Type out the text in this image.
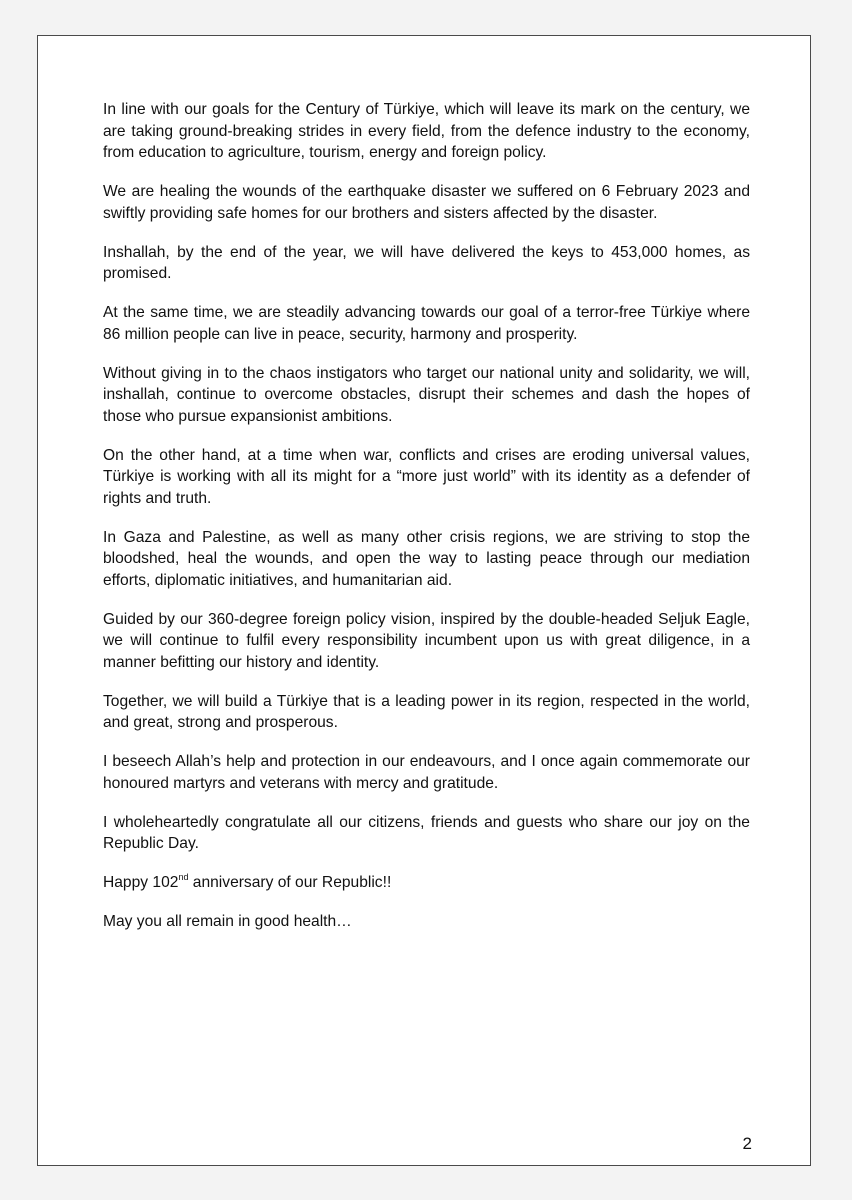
In line with our goals for the Century of Türkiye, which will leave its mark on the century, we are taking ground-breaking strides in every field, from the defence industry to the economy, from education to agriculture, tourism, energy and foreign policy.

We are healing the wounds of the earthquake disaster we suffered on 6 February 2023 and swiftly providing safe homes for our brothers and sisters affected by the disaster.

Inshallah, by the end of the year, we will have delivered the keys to 453,000 homes, as promised.

At the same time, we are steadily advancing towards our goal of a terror-free Türkiye where 86 million people can live in peace, security, harmony and prosperity.

Without giving in to the chaos instigators who target our national unity and solidarity, we will, inshallah, continue to overcome obstacles, disrupt their schemes and dash the hopes of those who pursue expansionist ambitions.

On the other hand, at a time when war, conflicts and crises are eroding universal values, Türkiye is working with all its might for a “more just world” with its identity as a defender of rights and truth.

In Gaza and Palestine, as well as many other crisis regions, we are striving to stop the bloodshed, heal the wounds, and open the way to lasting peace through our mediation efforts, diplomatic initiatives, and humanitarian aid.

Guided by our 360-degree foreign policy vision, inspired by the double-headed Seljuk Eagle, we will continue to fulfil every responsibility incumbent upon us with great diligence, in a manner befitting our history and identity.

Together, we will build a Türkiye that is a leading power in its region, respected in the world, and great, strong and prosperous.

I beseech Allah’s help and protection in our endeavours, and I once again commemorate our honoured martyrs and veterans with mercy and gratitude.

I wholeheartedly congratulate all our citizens, friends and guests who share our joy on the Republic Day.

Happy 102nd anniversary of our Republic!!

May you all remain in good health…

2
